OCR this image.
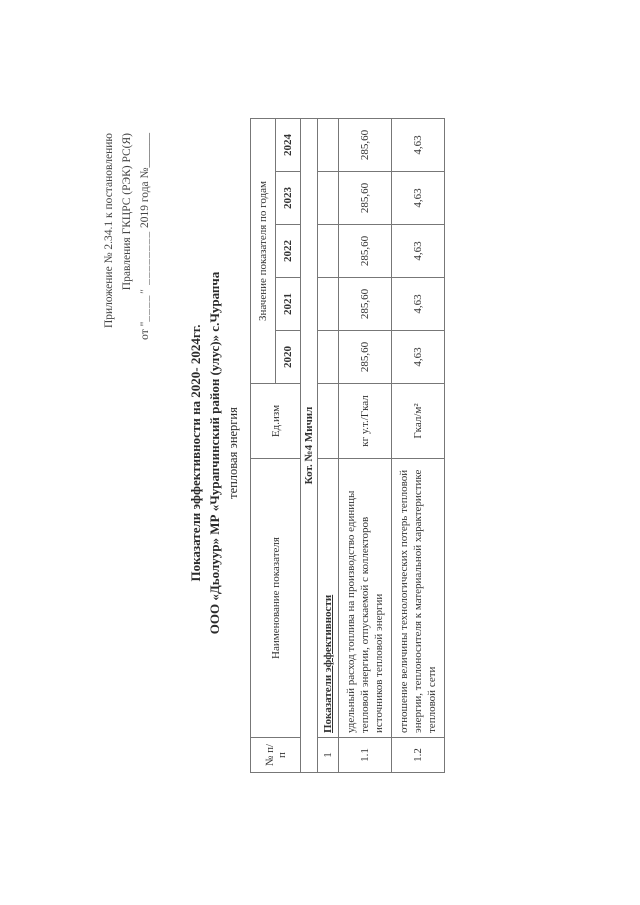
Приложение № 2.34.1 к постановлению Правления ГКЦРС (РЭК) РС(Я)
от "____" ________ 2019 года №______
Показатели эффективности на 2020- 2024гг. ООО «Дьолуур» МР «Чурапчинский район (улус)» с.Чурапча тепловая энергия
№ п/п	Наименование показателя	Ед.изм	Значение показателя по годам				
			2020	2021	2022	2023	2024
Кот. №4 Мичил							
1	Показатели эффективности						
1.1	удельный расход топлива на производство единицы тепловой энергии, отпускаемой с коллекторов источников тепловой энергии	кг у.т./Гкал	285,60	285,60	285,60	285,60	285,60
1.2	отношение величины технологических потерь тепловой энергии, теплоносителя к материальной характеристике тепловой сети	Гкал/м²	4,63	4,63	4,63	4,63	4,63
